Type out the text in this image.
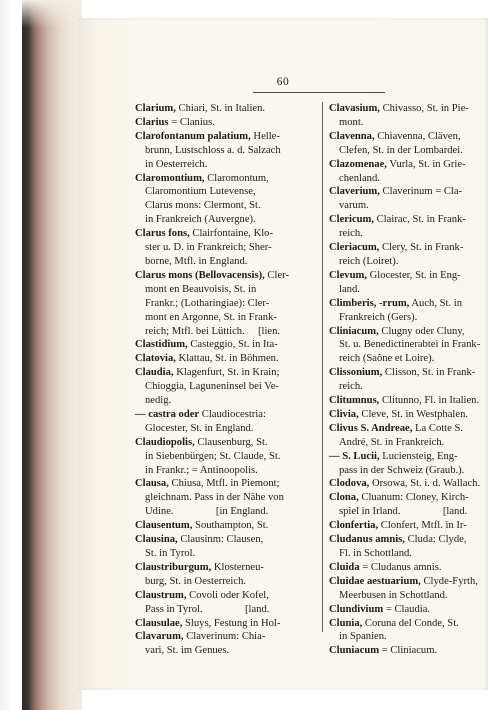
60

Clarium, Chiari, St. in Italien.

Clarius = Clanius.

Clarofontanum palatium, Helle-
brunn, Lustschloss a. d. Salzach
in Oesterreich.

Claromontium, Claromontum,
Claromontium Lutevense,
Clarus mons: Clermont, St.
in Frankreich (Auvergne).

Clarus fons, Clairfontaine, Klo-
ster u. D. in Frankreich; Sher-
borne, Mtfl. in England.

Clarus mons (Bellovacensis), Cler-
mont en Beauvoisis, St. in
Frankr.; (Lotharingiae): Cler-
mont en Argonne, St. in Frank-
reich; Mtfl. bei Lüttich.     [lien.

Clastidium, Casteggio, St. in Ita-

Clatovia, Klattau, St. in Böhmen.

Claudia, Klagenfurt, St. in Krain;
Chioggia, Laguneninsel bei Ve-
nedig.

— castra oder Claudiocestria:
Glocester, St. in England.

Claudiopolis, Clausenburg, St.
in Siebenbürgen; St. Claude, St.
in Frankr.; = Antinoopolis.

Clausa, Chiusa, Mtfl. in Piemont;
gleichnam. Pass in der Nähe von
Udine.                [in England.

Clausentum, Southampton, St.

Clausina, Clausinm: Clausen,
St. in Tyrol.

Claustriburgum, Klosterneu-
burg, St. in Oesterreich.

Claustrum, Covoli oder Kofel,
Pass in Tyrol.                [land.

Clausulae, Sluys, Festung in Hol-

Clavarum, Claverinum: Chia-
vari, St. im Genues.

Clavasium, Chivasso, St. in Pie-
mont.

Clavenna, Chiavenna, Cläven,
Clefen, St. in der Lombardei.

Clazomenae, Vurla, St. in Grie-
chenland.

Claverium, Claverinum = Cla-
varum.

Clericum, Clairac, St. in Frank-
reich.

Cleriacum, Clery, St. in Frank-
reich (Loiret).

Clevum, Glocester, St. in Eng-
land.

Climberis, -rrum, Auch, St. in
Frankreich (Gers).

Cliniacum, Clugny oder Cluny,
St. u. Benedictinerabtei in Frank-
reich (Saône et Loire).

Clissonium, Clisson, St. in Frank-
reich.

Clitumnus, Clitunno, Fl. in Italien.

Clivia, Cleve, St. in Westphalen.

Clivus S. Andreae, La Cotte S.
André, St. in Frankreich.

— S. Lucii, Luciensteig, Eng-
pass in der Schweiz (Graub.).

Clodova, Orsowa, St. i. d. Wallach.

Clona, Cluanum: Cloney, Kirch-
spiel in Irland.                [land.

Clonfertia, Clonfert, Mtfl. in Ir-

Cludanus amnis, Cluda: Clyde,
Fl. in Schottland.

Cluida = Cludanus amnis.

Cluidae aestuarium, Clyde-Fyrth,
Meerbusen in Schottland.

Clundivium = Claudia.

Clunia, Coruna del Conde, St.
in Spanien.

Cluniacum = Cliniacum.
